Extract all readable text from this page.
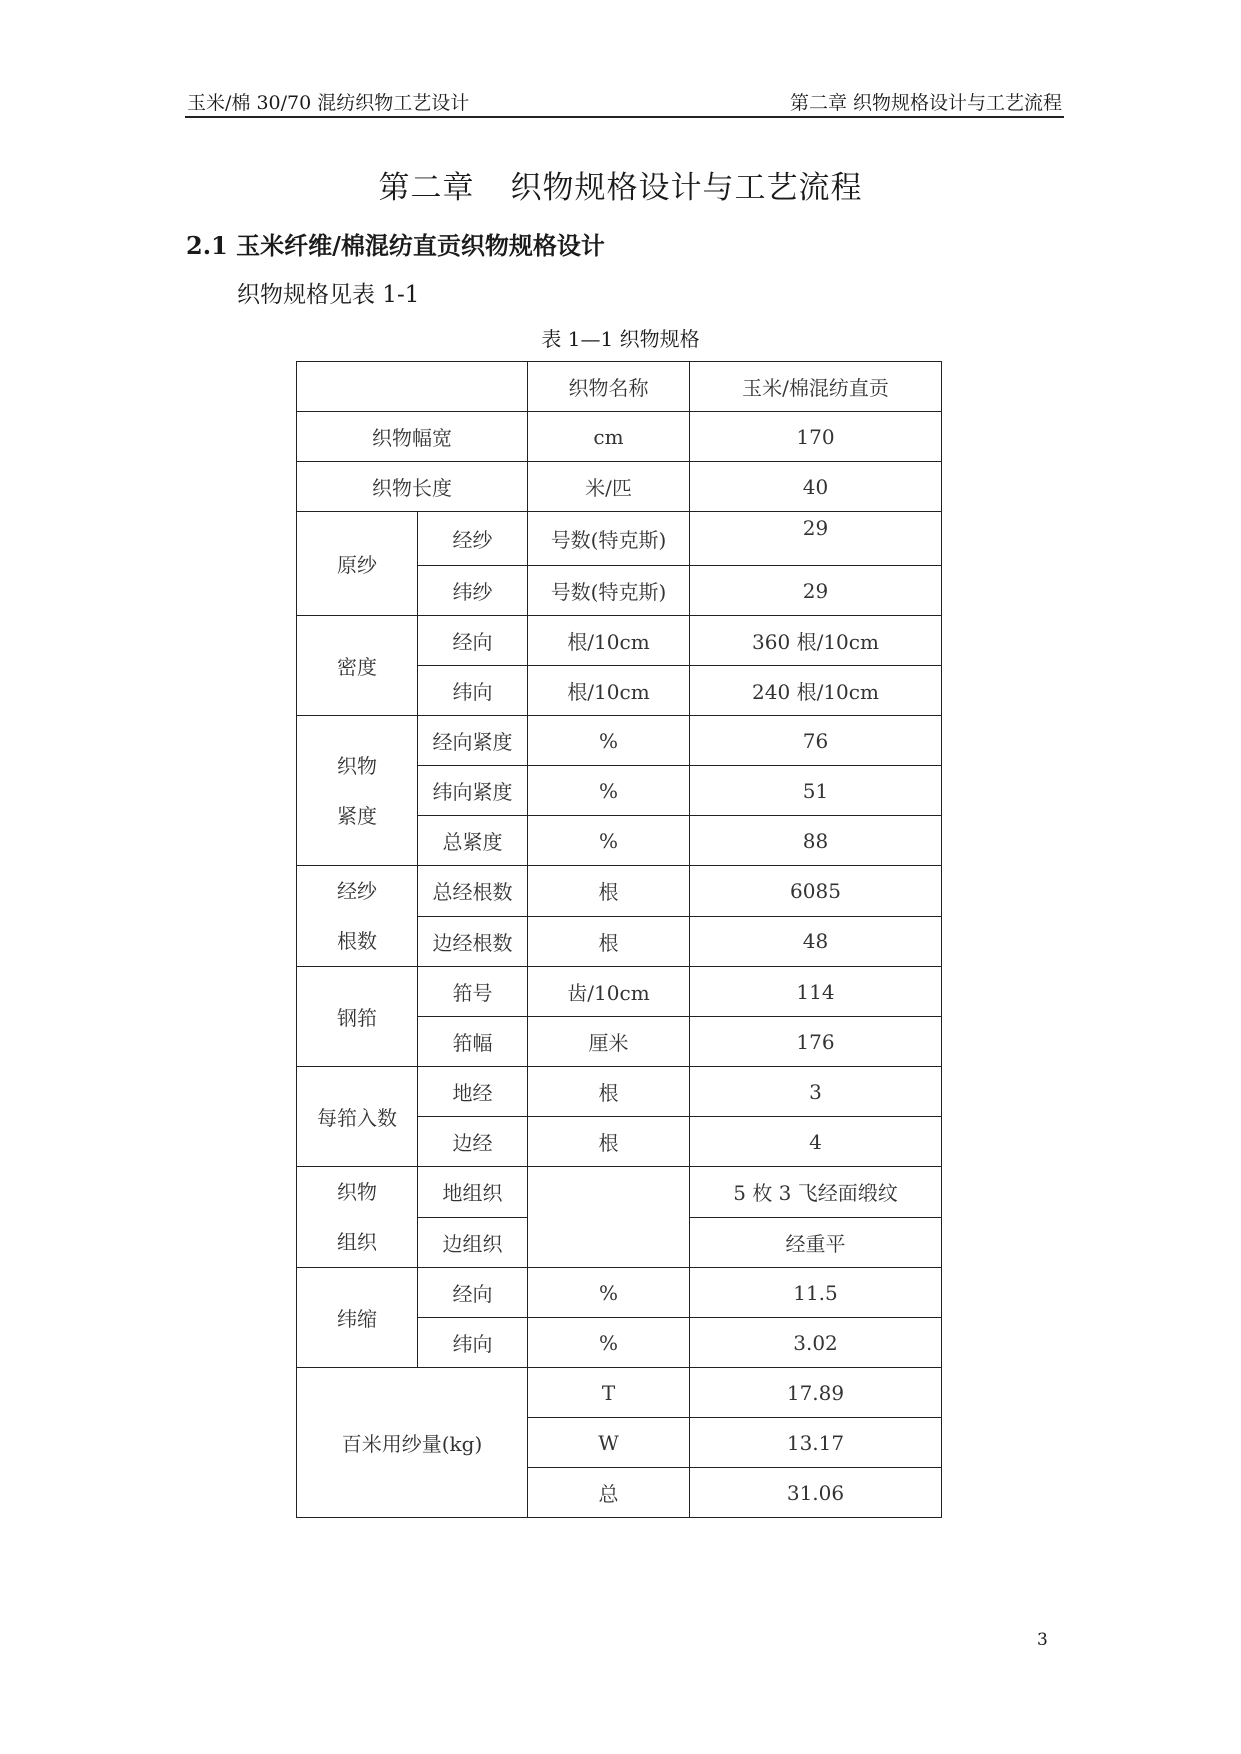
玉米/棉 30/70 混纺织物工艺设计	第二章 织物规格设计与工艺流程
第二章 织物规格设计与工艺流程
2.1 玉米纤维/棉混纺直贡织物规格设计
织物规格见表 1-1
表 1—1 织物规格
		织物名称	玉米/棉混纺直贡
织物幅宽		cm	170
织物长度		米/匹	40
原纱	经纱	号数(特克斯)	29
	纬纱	号数(特克斯)	29
密度	经向	根/10cm	360 根/10cm
	纬向	根/10cm	240 根/10cm

织物
紧度	经向紧度	%	76
	纬向紧度	%	51
	总紧度	%	88

经纱
根数	总经根数	根	6085
	边经根数	根	48
钢筘	筘号	齿/10cm	114
	筘幅	厘米	176
每筘入数	地经	根	3
	边经	根	4

织物
组织	地组织		5 枚 3 飞经面缎纹
	边组织		经重平
纬缩	经向	%	11.5
	纬向	%	3.02
百米用纱量(kg)		T	17.89
		W	13.17
		总	31.06
3
